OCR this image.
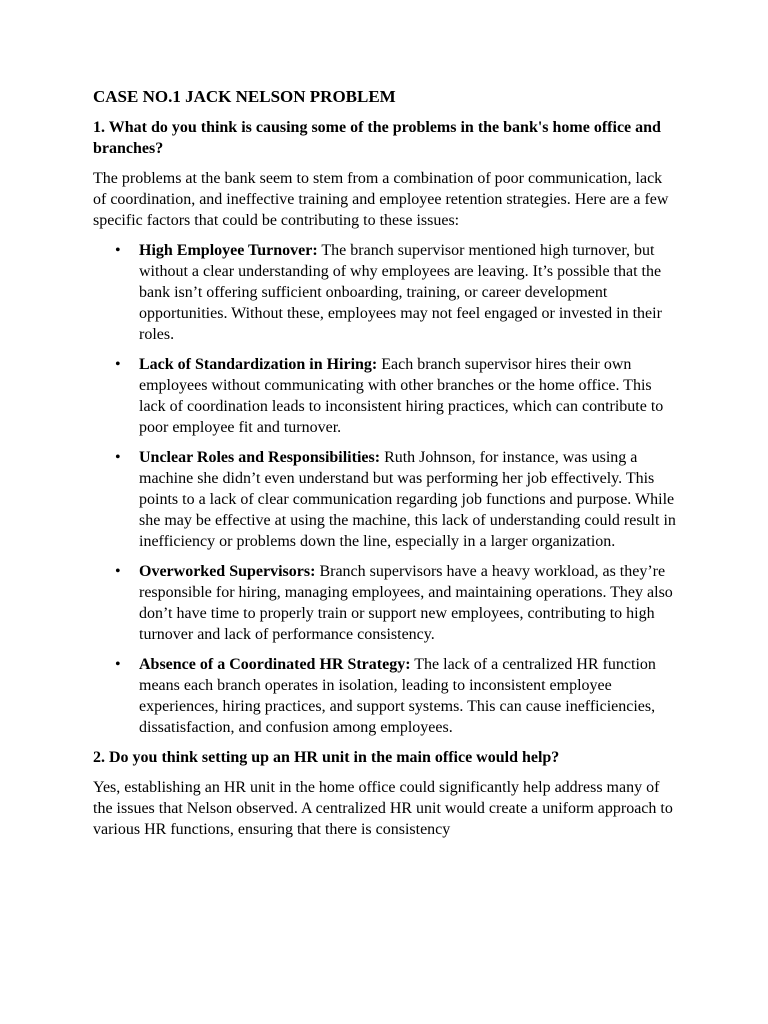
CASE NO.1 JACK NELSON PROBLEM
1. What do you think is causing some of the problems in the bank's home office and branches?
The problems at the bank seem to stem from a combination of poor communication, lack of coordination, and ineffective training and employee retention strategies. Here are a few specific factors that could be contributing to these issues:
• High Employee Turnover: The branch supervisor mentioned high turnover, but without a clear understanding of why employees are leaving. It’s possible that the bank isn’t offering sufficient onboarding, training, or career development opportunities. Without these, employees may not feel engaged or invested in their roles.
• Lack of Standardization in Hiring: Each branch supervisor hires their own employees without communicating with other branches or the home office. This lack of coordination leads to inconsistent hiring practices, which can contribute to poor employee fit and turnover.
• Unclear Roles and Responsibilities: Ruth Johnson, for instance, was using a machine she didn’t even understand but was performing her job effectively. This points to a lack of clear communication regarding job functions and purpose. While she may be effective at using the machine, this lack of understanding could result in inefficiency or problems down the line, especially in a larger organization.
• Overworked Supervisors: Branch supervisors have a heavy workload, as they’re responsible for hiring, managing employees, and maintaining operations. They also don’t have time to properly train or support new employees, contributing to high turnover and lack of performance consistency.
• Absence of a Coordinated HR Strategy: The lack of a centralized HR function means each branch operates in isolation, leading to inconsistent employee experiences, hiring practices, and support systems. This can cause inefficiencies, dissatisfaction, and confusion among employees.
2. Do you think setting up an HR unit in the main office would help?
Yes, establishing an HR unit in the home office could significantly help address many of the issues that Nelson observed. A centralized HR unit would create a uniform approach to various HR functions, ensuring that there is consistency
